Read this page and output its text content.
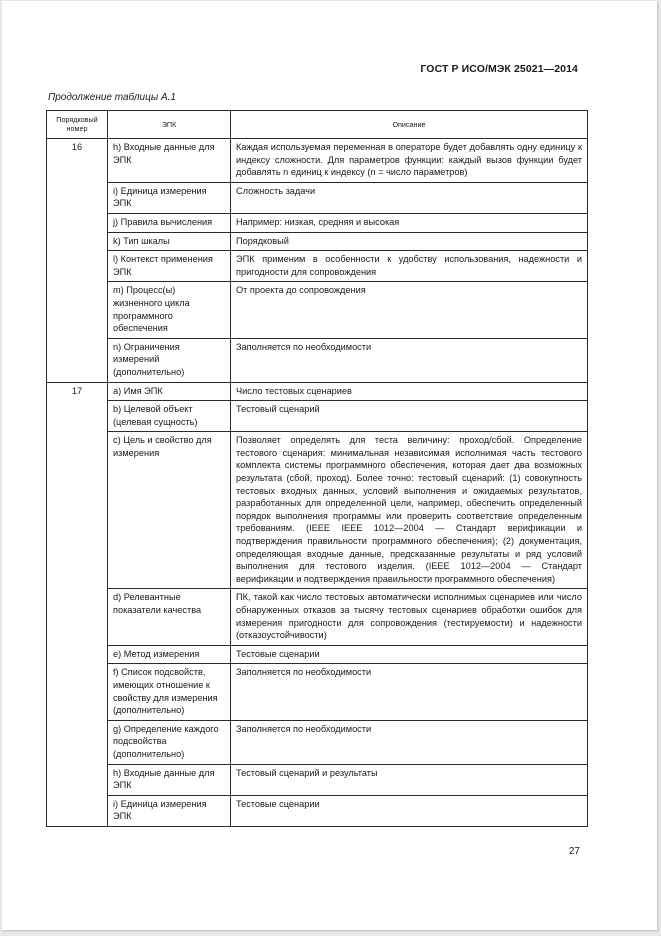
ГОСТ Р ИСО/МЭК 25021—2014
Продолжение таблицы А.1
Порядковый номер	ЭПК	Описание
16	h) Входные данные для ЭПК	Каждая используемая переменная в операторе будет добавлять одну единицу к индексу сложности. Для параметров функции: каждый вызов функции будет добавлять n единиц к индексу (n = число параметров)
	i) Единица измерения ЭПК	Сложность задачи
	j) Правила вычисления	Например: низкая, средняя и высокая
	k) Тип шкалы	Порядковый
	l) Контекст применения ЭПК	ЭПК применим в особенности к удобству использования, надежности и пригодности для сопровождения
	m) Процесс(ы) жизненного цикла программного обеспечения	От проекта до сопровождения
	n) Ограничения измерений (дополнительно)	Заполняется по необходимости
17	a) Имя ЭПК	Число тестовых сценариев
	b) Целевой объект (целевая сущность)	Тестовый сценарий
	c) Цель и свойство для измерения	Позволяет определять для теста величину: проход/сбой. Определение тестового сценария: минимальная независимая исполнимая часть тестового комплекта системы программного обеспечения, которая дает два возможных результата (сбой, проход). Более точно: тестовый сценарий: (1) совокупность тестовых входных данных, условий выполнения и ожидаемых результатов, разработанных для определенной цели, например, обеспечить определенный порядок выполнения программы или проверить соответствие определенным требованиям. (IEEE IEEE 1012—2004 — Стандарт верификации и подтверждения правильности программного обеспечения); (2) документация, определяющая входные данные, предсказанные результаты и ряд условий выполнения для тестового изделия. (IEEE 1012—2004 — Стандарт верификации и подтверждения правильности программного обеспечения)
	d) Релевантные показатели качества	ПК, такой как число тестовых автоматически исполнимых сценариев или число обнаруженных отказов за тысячу тестовых сценариев обработки ошибок для измерения пригодности для сопровождения (тестируемости) и надежности (отказоустойчивости)
	e) Метод измерения	Тестовые сценарии
	f) Список подсвойств, имеющих отношение к свойству для измерения (дополнительно)	Заполняется по необходимости
	g) Определение каждого подсвойства (дополнительно)	Заполняется по необходимости
	h) Входные данные для ЭПК	Тестовый сценарий и результаты
	i) Единица измерения ЭПК	Тестовые сценарии
27
